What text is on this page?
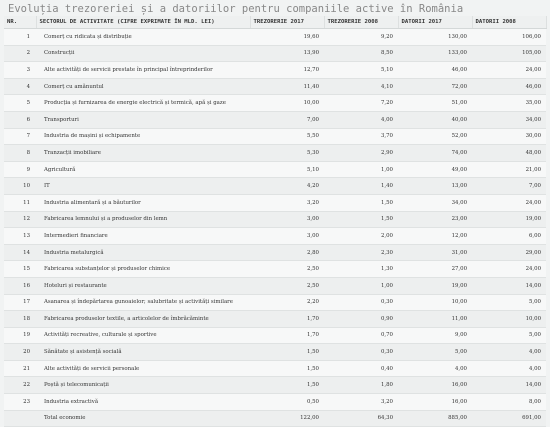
Evoluția trezoreriei și a datoriilor pentru companiile active în România
NR.	SECTORUL DE ACTIVITATE (CIFRE EXPRIMATE ÎN MLD. LEI)	TREZORERIE 2017	TREZORERIE 2008	DATORII 2017	DATORII 2008
1	Comerț cu ridicata și distribuție	19,60	9,20	130,00	106,00
2	Construcții	13,90	8,50	133,00	105,00
3	Alte activități de servicii prestate în principal întreprinderilor	12,70	5,10	46,00	24,00
4	Comerț cu amănuntul	11,40	4,10	72,00	46,00
5	Producția și furnizarea de energie electrică și termică, apă și gaze	10,00	7,20	51,00	35,00
6	Transporturi	7,00	4,00	40,00	34,00
7	Industria de mașini și echipamente	5,50	3,70	52,00	30,00
8	Tranzacții imobiliare	5,30	2,90	74,00	48,00
9	Agricultură	5,10	1,00	49,00	21,00
10	IT	4,20	1,40	13,00	7,00
11	Industria alimentară și a băuturilor	3,20	1,50	34,00	24,00
12	Fabricarea lemnului și a produselor din lemn	3,00	1,50	23,00	19,00
13	Intermedieri financiare	3,00	2,00	12,00	6,00
14	Industria metalurgică	2,80	2,30	31,00	29,00
15	Fabricarea substanțelor și produselor chimice	2,50	1,30	27,00	24,00
16	Hoteluri și restaurante	2,50	1,00	19,00	14,00
17	Asanarea și îndepărtarea gunoaielor; salubritate și activități similare	2,20	0,30	10,00	5,00
18	Fabricarea produselor textile, a articolelor de îmbrăcăminte	1,70	0,90	11,00	10,00
19	Activități recreative, culturale și sportive	1,70	0,70	9,00	5,00
20	Sănătate și asistență socială	1,50	0,30	5,00	4,00
21	Alte activități de servicii personale	1,50	0,40	4,00	4,00
22	Poștă și telecomunicații	1,50	1,80	16,00	14,00
23	Industria extractivă	0,50	3,20	16,00	8,00
	Total economie	122,00	64,30	885,00	691,00
